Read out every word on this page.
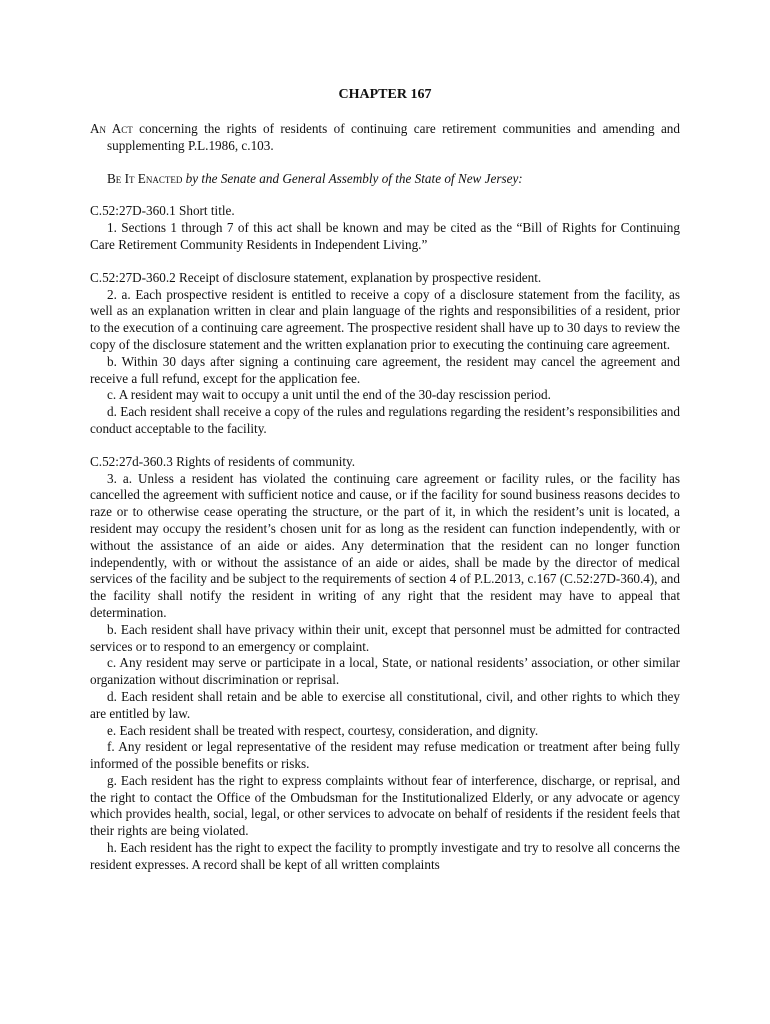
CHAPTER 167

An Act concerning the rights of residents of continuing care retirement communities and amending and supplementing P.L.1986, c.103.

Be It Enacted by the Senate and General Assembly of the State of New Jersey:

C.52:27D-360.1 Short title.

1. Sections 1 through 7 of this act shall be known and may be cited as the “Bill of Rights for Continuing Care Retirement Community Residents in Independent Living.”

C.52:27D-360.2 Receipt of disclosure statement, explanation by prospective resident.

2. a. Each prospective resident is entitled to receive a copy of a disclosure statement from the facility, as well as an explanation written in clear and plain language of the rights and responsibilities of a resident, prior to the execution of a continuing care agreement. The prospective resident shall have up to 30 days to review the copy of the disclosure statement and the written explanation prior to executing the continuing care agreement.

b. Within 30 days after signing a continuing care agreement, the resident may cancel the agreement and receive a full refund, except for the application fee.

c. A resident may wait to occupy a unit until the end of the 30-day rescission period.

d. Each resident shall receive a copy of the rules and regulations regarding the resident’s responsibilities and conduct acceptable to the facility.

C.52:27d-360.3 Rights of residents of community.

3. a. Unless a resident has violated the continuing care agreement or facility rules, or the facility has cancelled the agreement with sufficient notice and cause, or if the facility for sound business reasons decides to raze or to otherwise cease operating the structure, or the part of it, in which the resident’s unit is located, a resident may occupy the resident’s chosen unit for as long as the resident can function independently, with or without the assistance of an aide or aides. Any determination that the resident can no longer function independently, with or without the assistance of an aide or aides, shall be made by the director of medical services of the facility and be subject to the requirements of section 4 of P.L.2013, c.167 (C.52:27D-360.4), and the facility shall notify the resident in writing of any right that the resident may have to appeal that determination.

b. Each resident shall have privacy within their unit, except that personnel must be admitted for contracted services or to respond to an emergency or complaint.

c. Any resident may serve or participate in a local, State, or national residents’ association, or other similar organization without discrimination or reprisal.

d. Each resident shall retain and be able to exercise all constitutional, civil, and other rights to which they are entitled by law.

e. Each resident shall be treated with respect, courtesy, consideration, and dignity.

f. Any resident or legal representative of the resident may refuse medication or treatment after being fully informed of the possible benefits or risks.

g. Each resident has the right to express complaints without fear of interference, discharge, or reprisal, and the right to contact the Office of the Ombudsman for the Institutionalized Elderly, or any advocate or agency which provides health, social, legal, or other services to advocate on behalf of residents if the resident feels that their rights are being violated.

h. Each resident has the right to expect the facility to promptly investigate and try to resolve all concerns the resident expresses. A record shall be kept of all written complaints
